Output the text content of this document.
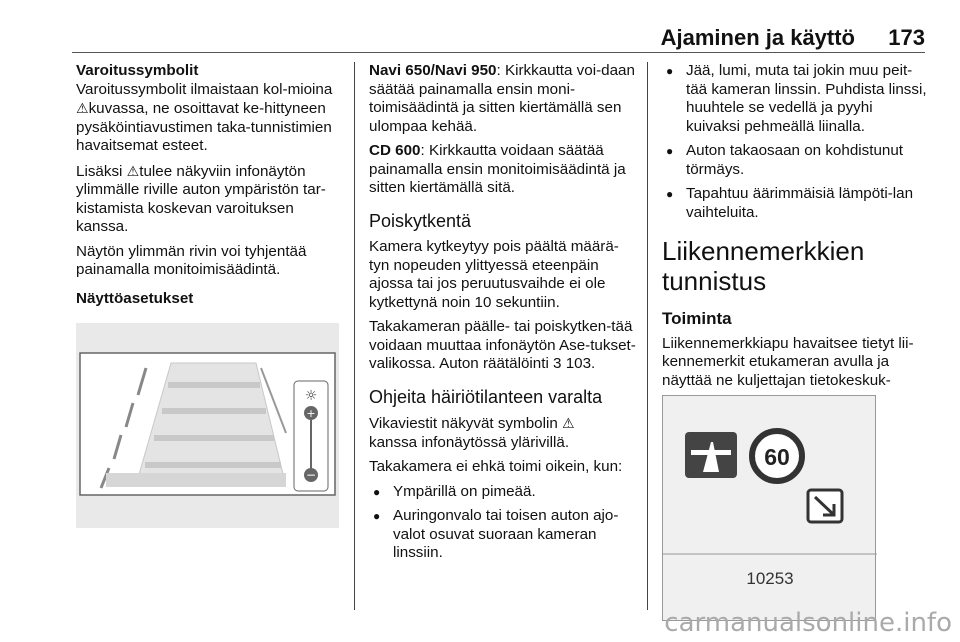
Ajaminen ja käyttö 173
Varoitussymbolit

Varoitussymbolit ilmaistaan kol-mioina ⚠kuvassa, ne osoittavat ke-hittyneen pysäköintiavustimen taka-tunnistimien havaitsemat esteet.

Lisäksi ⚠tulee näkyviin infonäytön ylimmälle riville auton ympäristön tar-kistamista koskevan varoituksen kanssa.

Näytön ylimmän rivin voi tyhjentää painamalla monitoimisäädintä.

Näyttöasetukset
☼
+
−

Navi 650/Navi 950: Kirkkautta voi-daan säätää painamalla ensin moni-toimisäädintä ja sitten kiertämällä sen ulompaa kehää.

CD 600: Kirkkautta voidaan säätää painamalla ensin monitoimisäädintä ja sitten kiertämällä sitä.

Poiskytkentä

Kamera kytkeytyy pois päältä määrä-tyn nopeuden ylittyessä eteenpäin ajossa tai jos peruutusvaihde ei ole kytkettynä noin 10 sekuntiin.

Takakameran päälle- tai poiskytken-tää voidaan muuttaa infonäytön Ase-tukset-valikossa. Auton räätälöinti 3 103.

Ohjeita häiriötilanteen varalta

Vikaviestit näkyvät symbolin ⚠
kanssa infonäytössä ylärivillä.

Takakamera ei ehkä toimi oikein, kun:

● Ympärillä on pimeää.
● Auringonvalo tai toisen auton ajo-valot osuvat suoraan kameran linssiin.
● Jää, lumi, muta tai jokin muu peit-tää kameran linssin. Puhdista linssi, huuhtele se vedellä ja pyyhi kuivaksi pehmeällä liinalla.
● Auton takaosaan on kohdistunut törmäys.
● Tapahtuu äärimmäisiä lämpöti-lan vaihteluita.
Liikennemerkkien tunnistus
Toiminta

Liikennemerkkiapu havaitsee tietyt lii-kennemerkit etukameran avulla ja näyttää ne kuljettajan tietokeskuk-

60
10253
carmanualsonline.info
